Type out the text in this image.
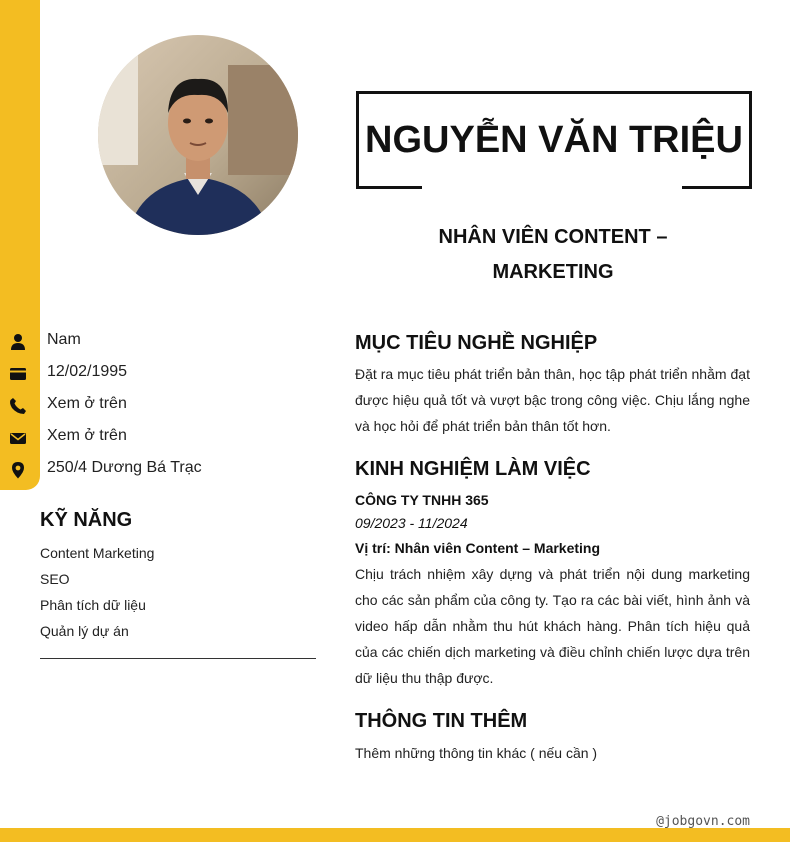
NGUYỄN VĂN TRIỆU
NHÂN VIÊN CONTENT – MARKETING
Nam
12/02/1995
Xem ở trên
Xem ở trên
250/4 Dương Bá Trạc
KỸ NĂNG
Content Marketing
SEO
Phân tích dữ liệu
Quản lý dự án
MỤC TIÊU NGHỀ NGHIỆP
Đặt ra mục tiêu phát triển bản thân, học tập phát triển nhằm đạt được hiệu quả tốt và vượt bậc trong công việc. Chịu lắng nghe và học hỏi để phát triển bản thân tốt hơn.
KINH NGHIỆM LÀM VIỆC
CÔNG TY TNHH 365
09/2023 - 11/2024
Vị trí: Nhân viên Content – Marketing
Chịu trách nhiệm xây dựng và phát triển nội dung marketing cho các sản phẩm của công ty. Tạo ra các bài viết, hình ảnh và video hấp dẫn nhằm thu hút khách hàng. Phân tích hiệu quả của các chiến dịch marketing và điều chỉnh chiến lược dựa trên dữ liệu thu thập được.
THÔNG TIN THÊM
Thêm những thông tin khác ( nếu cần )
@jobgovn.com
